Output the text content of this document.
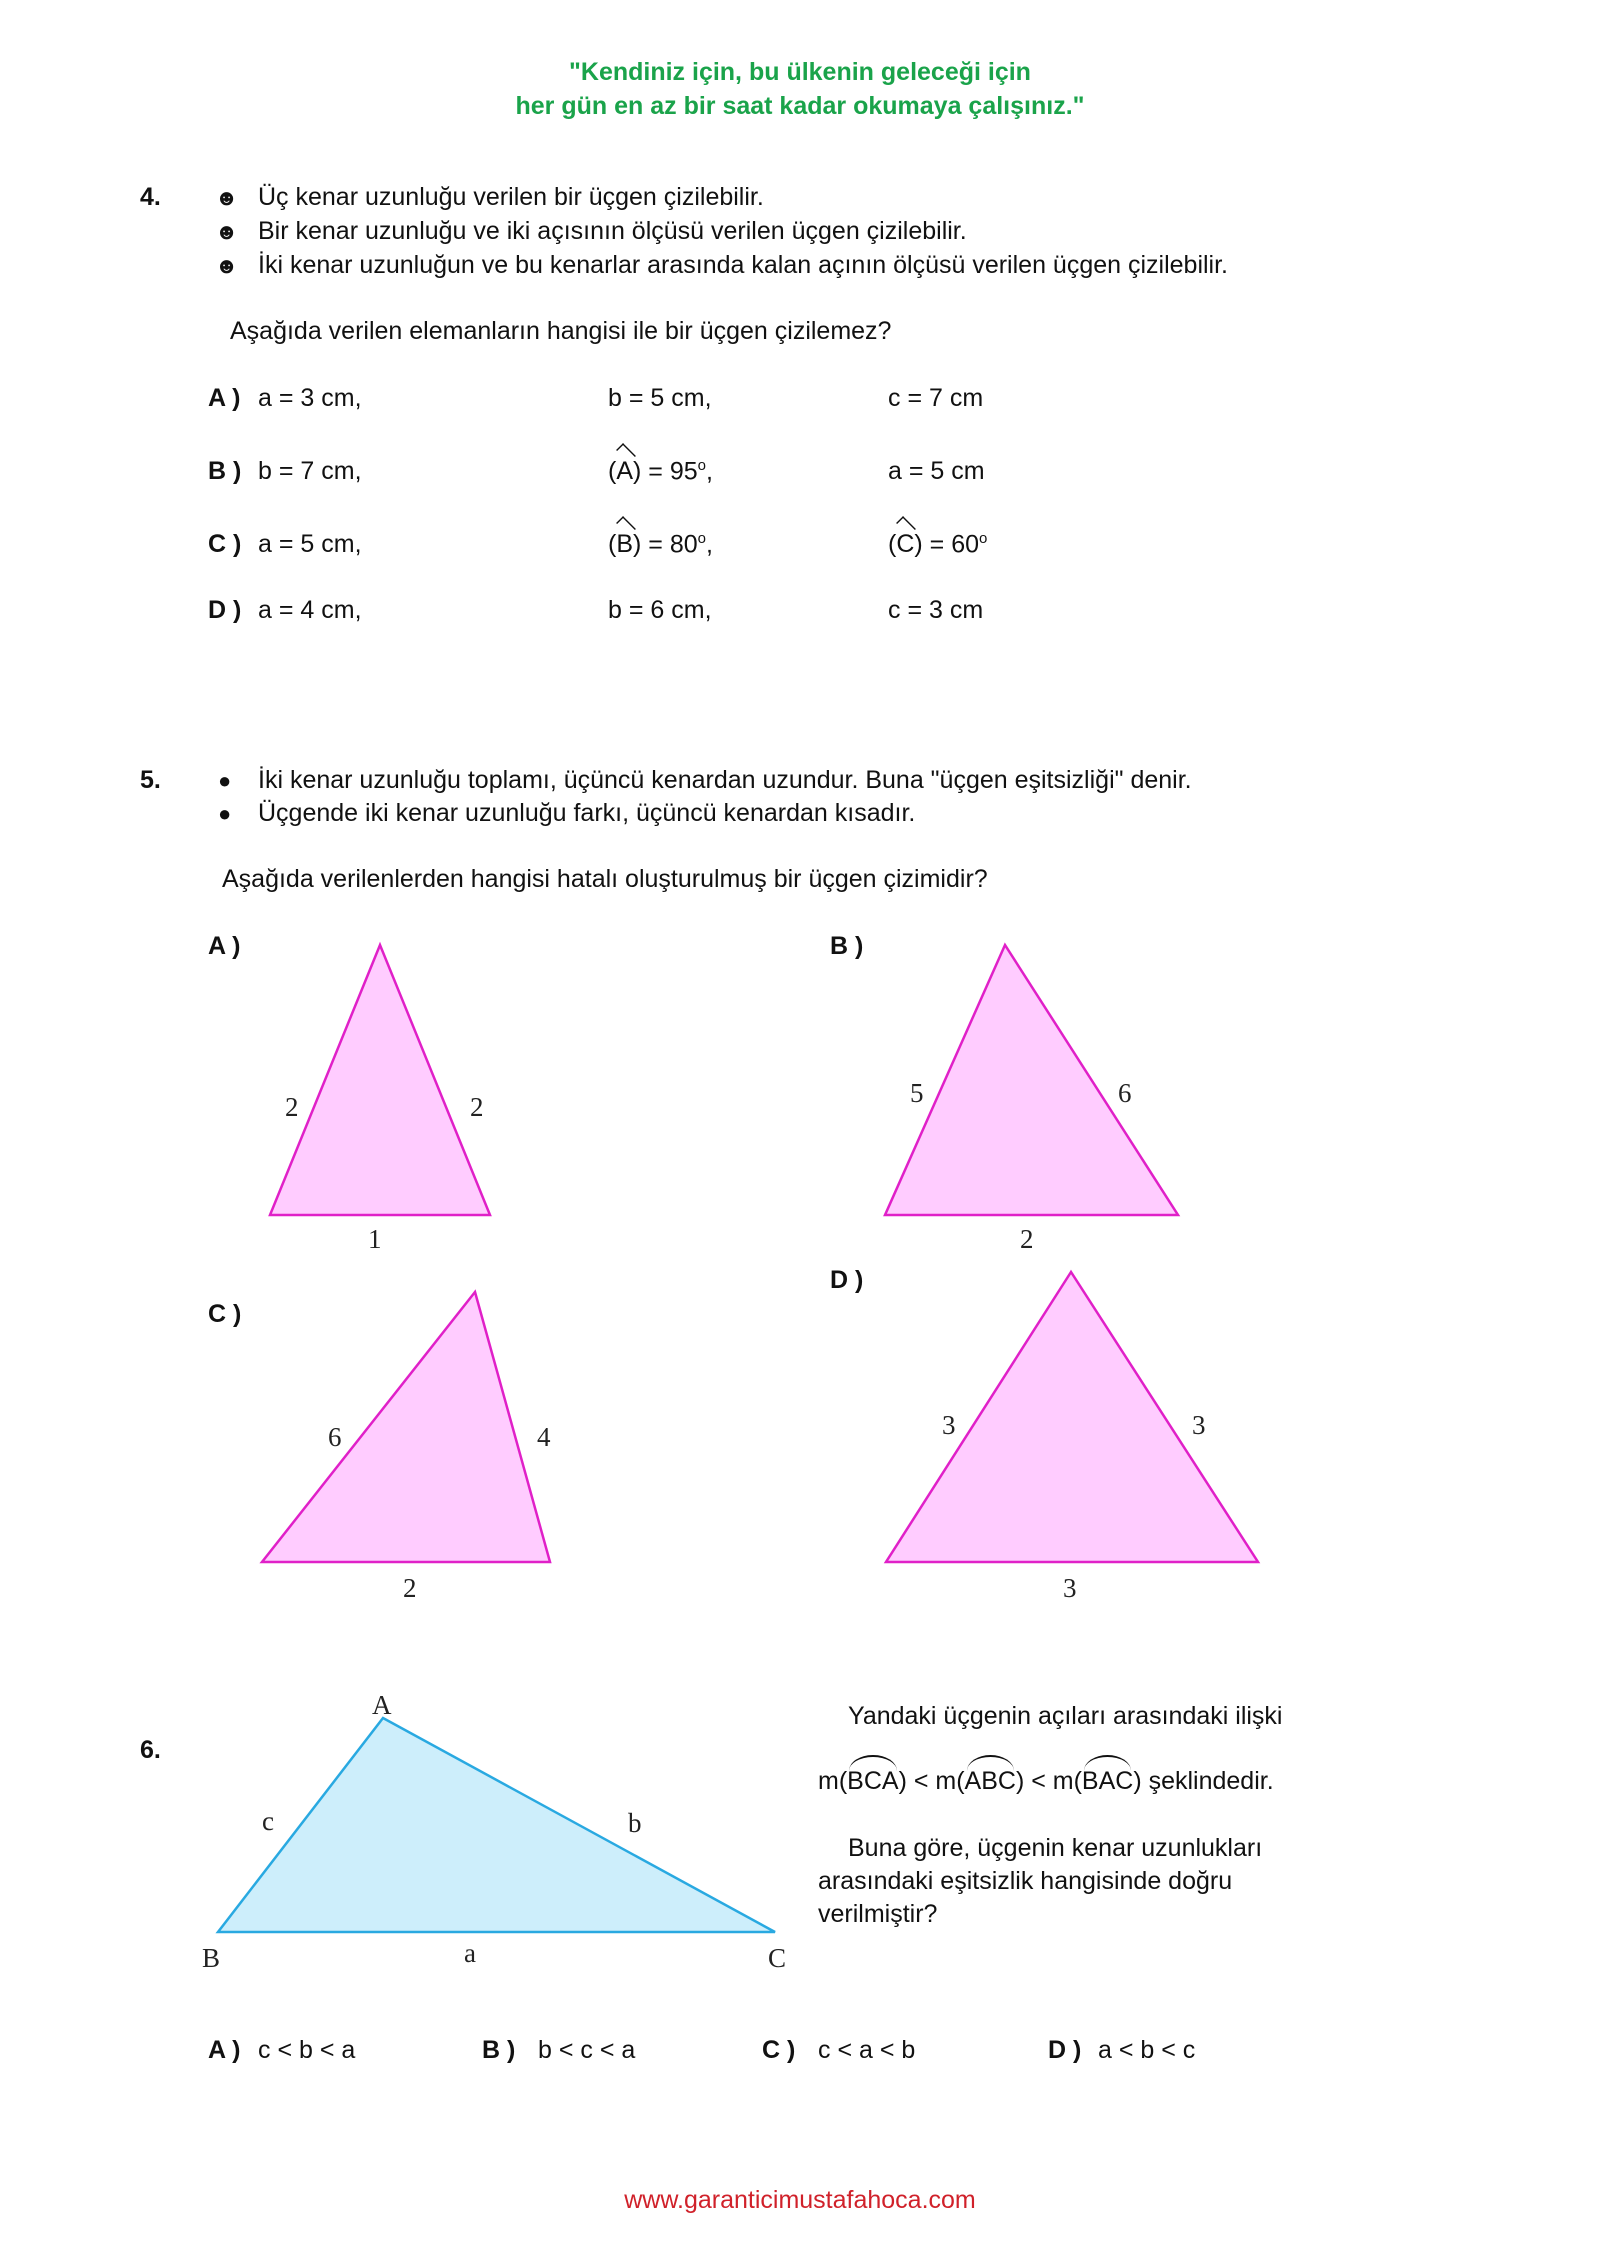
"Kendiniz için, bu ülkenin geleceği için
her gün en az bir saat kadar okumaya çalışınız."
4. ☻ Üç kenar uzunluğu verilen bir üçgen çizilebilir.
☻ Bir kenar uzunluğu ve iki açısının ölçüsü verilen üçgen çizilebilir.
☻ İki kenar uzunluğun ve bu kenarlar arasında kalan açının ölçüsü verilen üçgen çizilebilir.
Aşağıda verilen elemanların hangisi ile bir üçgen çizilemez?
A ) a = 3 cm,	b = 5 cm,	c = 7 cm
B ) b = 7 cm,	$(A) = 95^o$,	a = 5 cm
C ) a = 5 cm,	$(B) = 80^o$,	$(C) = 60^o$
D ) a = 4 cm,	b = 6 cm,	c = 3 cm
5.	● İki kenar uzunluğu toplamı, üçüncü kenardan uzundur. Buna "üçgen eşitsizliği" denir.
● Üçgende iki kenar uzunluğu farkı, üçüncü kenardan kısadır.
Aşağıda verilenlerden hangisi hatalı oluşturulmuş bir üçgen çizimidir?
A )	B )
C )
D )
2	2
1
5	6
2
6	4
2
3	3
3
6.
A
B	C
c	b
a
Yandaki üçgenin açıları arasındaki ilişki
m(BCA) < m(ABC) < m(BAC) şeklindedir.
Buna göre, üçgenin kenar uzunlukları
arasındaki eşitsizlik hangisinde doğru
verilmiştir?
A ) c < b < a	B ) b < c < a	C ) c < a < b	D ) a < b < c
www.garanticimustafahoca.com
